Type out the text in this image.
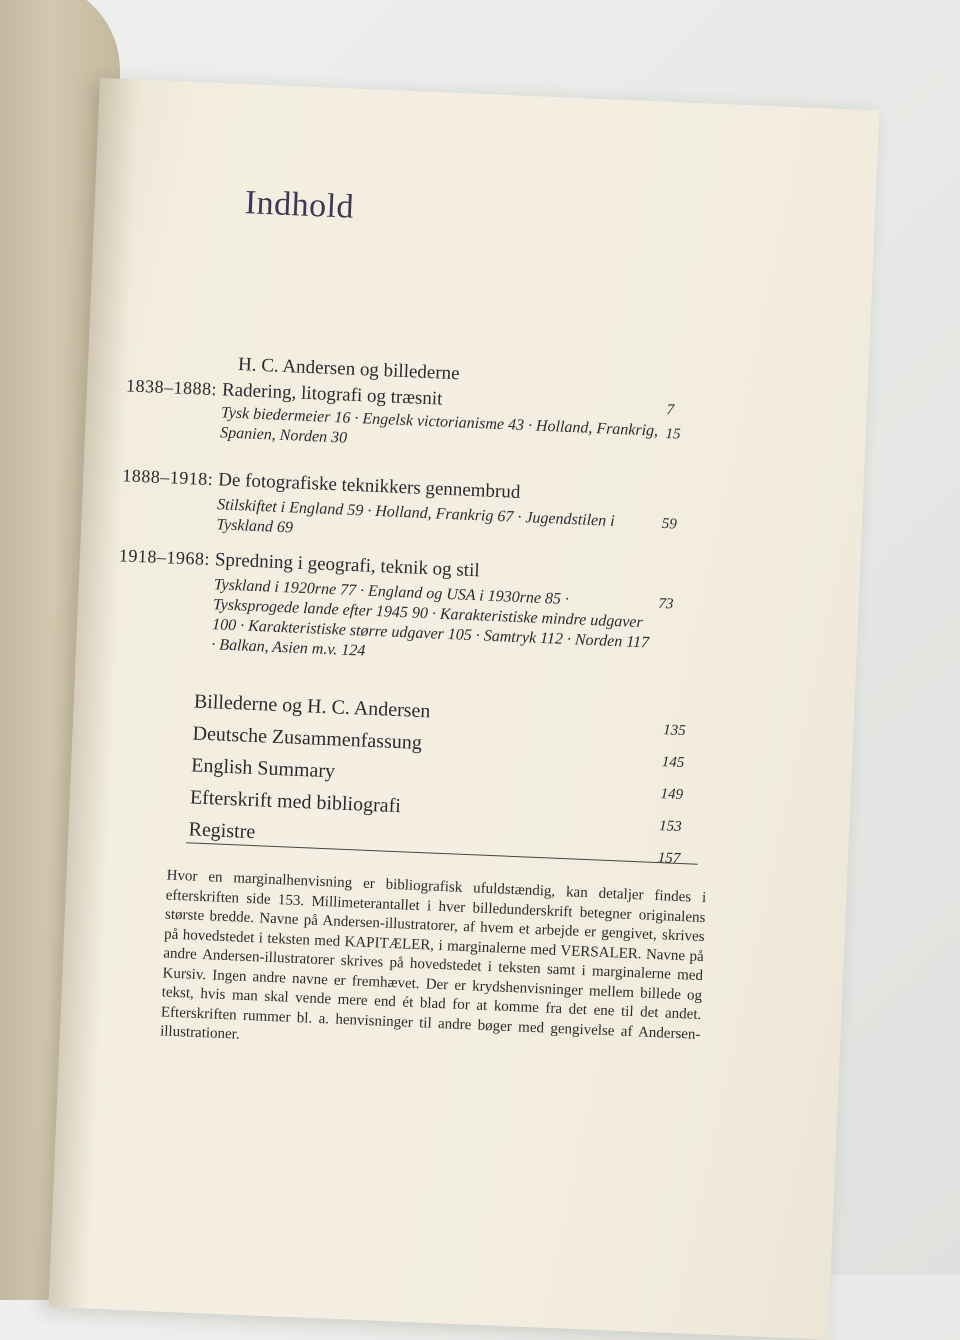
Indhold
H. C. Andersen og billederne
1838–1888: Radering, litografi og træsnit
7
Tysk biedermeier 16 · Engelsk victorianisme 43 · Holland, Frankrig, Spanien, Norden 30	15
1888–1918: De fotografiske teknikkers gennembrud
Stilskiftet i England 59 · Holland, Frankrig 67 · Jugendstilen i Tyskland 69	59
1918–1968: Spredning i geografi, teknik og stil
Tyskland i 1920rne 77 · England og USA i 1930rne 85 · Tysksprogede lande efter 1945 90 · Karakteristiske mindre udgaver 100 · Karakteristiske større udgaver 105 · Samtryk 112 · Norden 117 · Balkan, Asien m.v. 124
73
Billederne og H. C. Andersen
135
Deutsche Zusammenfassung
145
English Summary
149
Efterskrift med bibliografi
153
Registre
157

Hvor en marginalhenvisning er bibliografisk ufuldstændig, kan detaljer findes i efterskriften side 153. Millimeterantallet i hver billedunderskrift betegner originalens største bredde. Navne på Andersen-illustratorer, af hvem et arbejde er gengivet, skrives på hovedstedet i teksten med KAPITÆLER, i marginalerne med VERSALER. Navne på andre Andersen-illustratorer skrives på hovedstedet i teksten samt i marginalerne med Kursiv. Ingen andre navne er fremhævet. Der er krydshenvisninger mellem billede og tekst, hvis man skal vende mere end ét blad for at komme fra det ene til det andet. Efterskriften rummer bl. a. henvisninger til andre bøger med gengivelse af Andersen-illustrationer.
